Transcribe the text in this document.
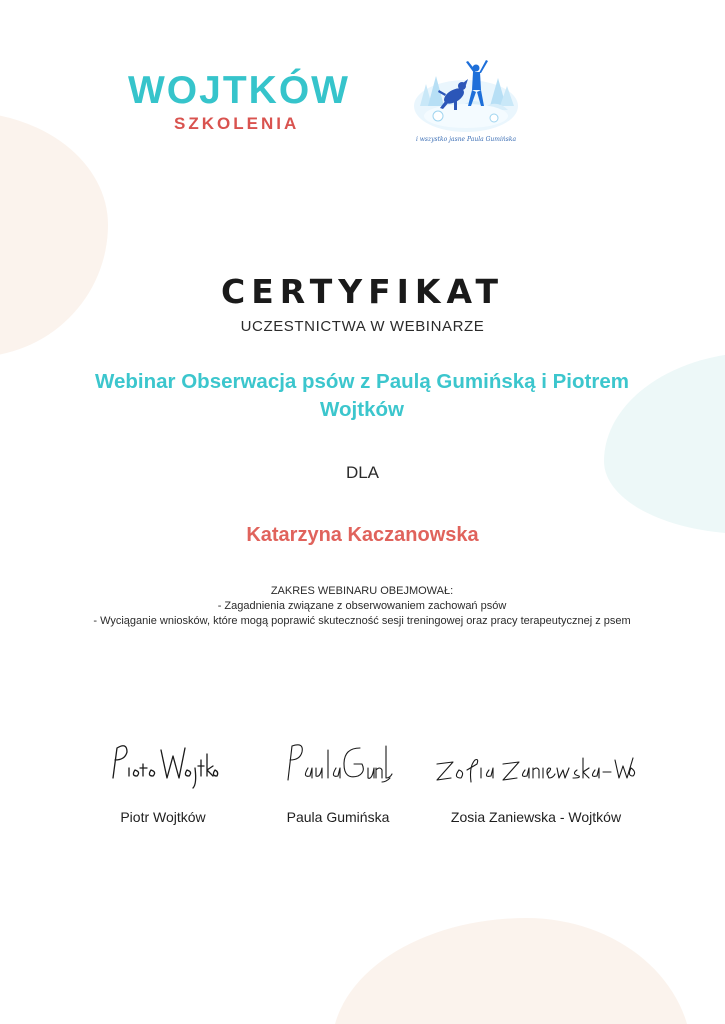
WOJTKÓW
SZKOLENIA
i wszystko jasne Paula Gumińska
CERTYFIKAT
UCZESTNICTWA W WEBINARZE
Webinar Obserwacja psów z Paulą Gumińską i Piotrem Wojtków
DLA
Katarzyna Kaczanowska
ZAKRES WEBINARU OBEJMOWAŁ:
- Zagadnienia związane z obserwowaniem zachowań psów
- Wyciąganie wniosków, które mogą poprawić skuteczność sesji treningowej oraz pracy terapeutycznej z psem
Piotr Wojtków	Paula Gumińska	Zosia Zaniewska - Wojtków
